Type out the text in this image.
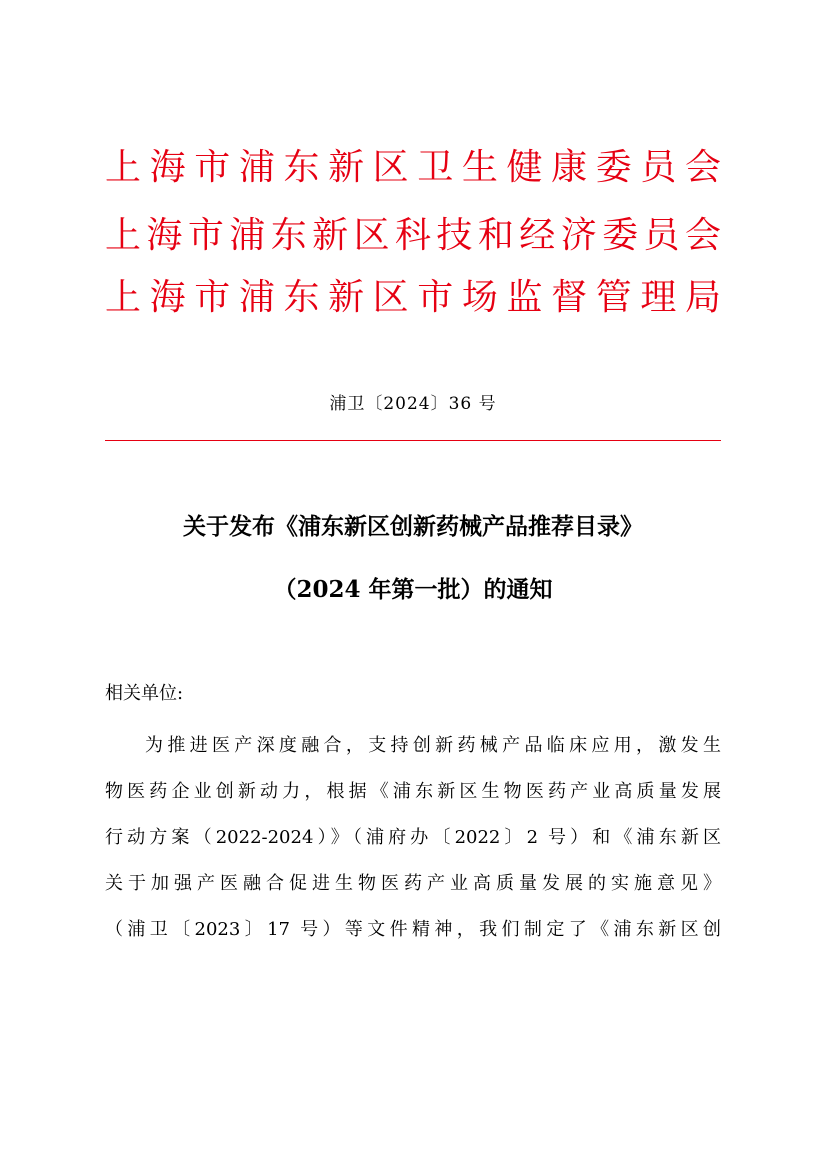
上海市浦东新区卫生健康委员会
上海市浦东新区科技和经济委员会
上海市浦东新区市场监督管理局
浦卫〔2024〕36 号
关于发布《浦东新区创新药械产品推荐目录》
（2024 年第一批）的通知
相关单位:
为推进医产深度融合，支持创新药械产品临床应用，激发生
物医药企业创新动力，根据《浦东新区生物医药产业高质量发展
行动方案（2022-2024）》（浦府办〔2022〕2 号）和《浦东新区
关于加强产医融合促进生物医药产业高质量发展的实施意见》
（浦卫〔2023〕17 号）等文件精神，我们制定了《浦东新区创
